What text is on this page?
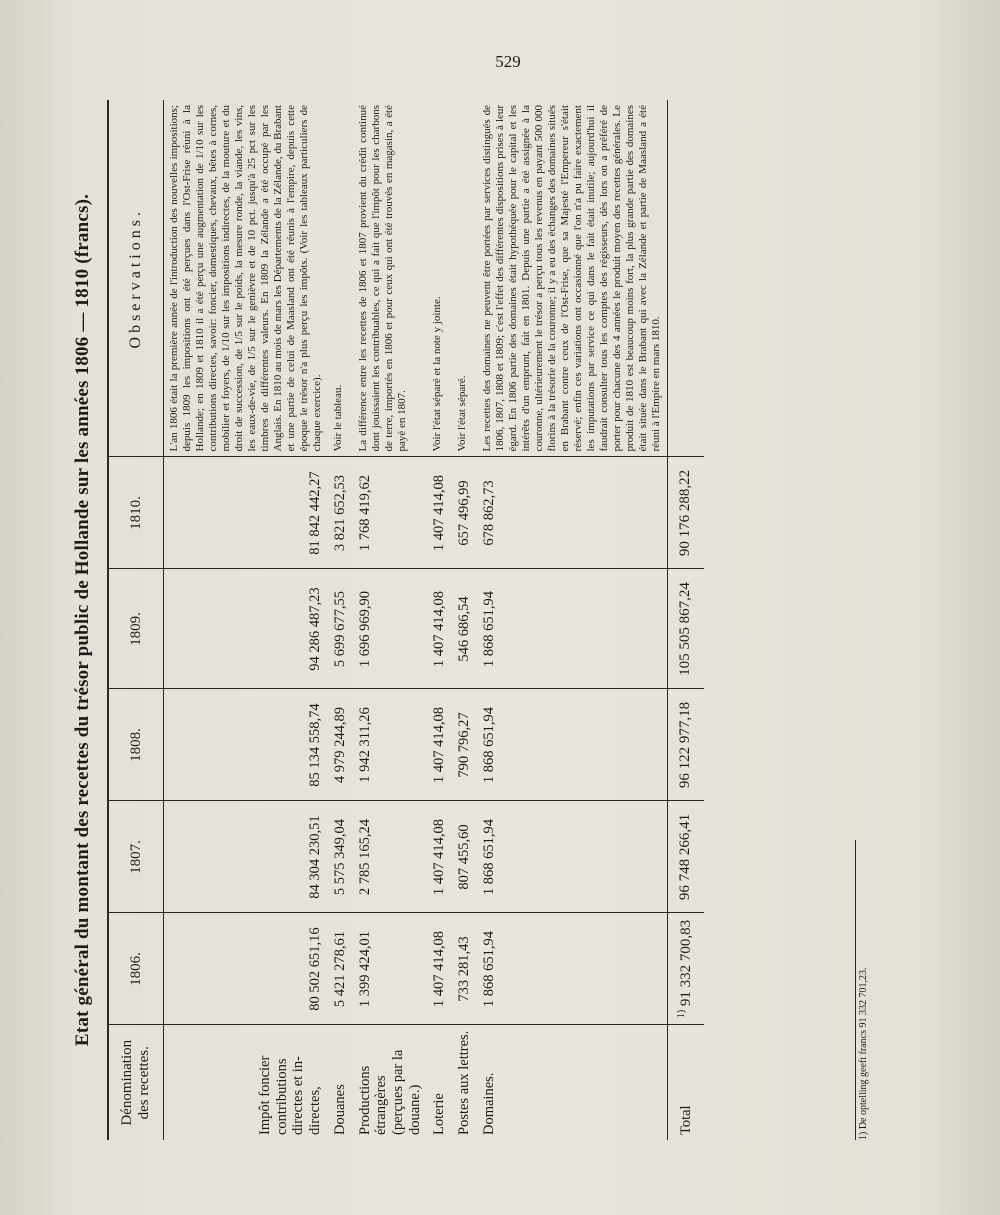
529
Etat général du montant des recettes du trésor public de Hollande sur les années 1806 — 1810 (francs).
Dénomination des recettes.	1806.	1807.	1808.	1809.	1810.	Observations.
Impôt foncier contributions directes et in-directes,	80 502 651,16	84 304 230,51	85 134 558,74	94 286 487,23	81 842 442,27	L'an 1806 était la première année de l'introduction des nouvelles impositions; depuis 1809 les impositions ont été perçues dans l'Ost-Frise réuni à la Hollande; en 1809 et 1810 il a été perçu une augmentation de 1/10 sur les contributions directes, savoir: foncier, domestiques, chevaux, bêtes à cornes, mobilier et foyers, de 1/10 sur les impositions indirectes, de la mouture et du droit de succession, de 1/5 sur le poids, la mesure ronde, la viande, les vins, les eaux-de-vie, de 1/5 sur le genièvre et de 10 pct. jusqu'à 25 pct sur les timbres de différentes valeurs. En 1809 la Zélande a été occupé par les Anglais. En 1810 au mois de mars les Départements de la Zélande, du Brabant et une partie de celui de Maasland ont été réunis à l'empire, depuis cette époque le trésor n'a plus perçu les impôts. (Voir les tableaux particuliers de chaque exercice).
Douanes	5 421 278,61	5 575 349,04	4 979 244,89	5 699 677,55	3 821 652,53	Voir le tableau.
Productions étrangères (perçues par la douane.)	1 399 424,01	2 785 165,24	1 942 311,26	1 696 969,90	1 768 419,62	La différence entre les recettes de 1806 et 1807 provient du crédit continué dont jouissaient les contribuables, ce qui a fait que l'impôt pour les charbons de terre, importés en 1806 et pour ceux qui ont été trouvés en magasin, a été payé en 1807.
Loterie	1 407 414,08	1 407 414,08	1 407 414,08	1 407 414,08	1 407 414,08	Voir l'état séparé et la note y jointe.
Postes aux lettres.	733 281,43	807 455,60	790 796,27	546 686,54	657 496,99	Voir l'état séparé.
Domaines.	1 868 651,94	1 868 651,94	1 868 651,94	1 868 651,94	678 862,73	Les recettes des domaines ne peuvent être portées par services distingués de 1806, 1807, 1808 et 1809; c'est l'effet des différentes dispositions prises à leur égard. En 1806 partie des domaines était hypothéquée pour le capital et les intérêts d'un emprunt, fait en 1801. Depuis une partie a été assignée à la couronne, ultérieurement le trésor a perçu tous les revenus en payant 500 000 florins à la trésorie de la couronne; il y a eu des échanges des domaines situés en Brabant contre ceux de l'Ost-Frise, que sa Majesté l'Empereur s'était réservé; enfin ces variations ont occasionné que l'on n'a pu faire exactement les imputations par service ce qui dans le fait était inutile; aujourd'hui il faudrait consulter tous les comptes des régisseurs, dès lors on a préféré de porter pour chacune des 4 années le produit moyen des recettes générales. Le produit de 1810 est beaucoup moins fort, la plus grande partie des domaines était située dans le Brabant qui avec la Zélande et partie de Maasland a été réuni à l'Empire en mars 1810.
Total	$^{1)}$ 91 332 700,83	96 748 266,41	96 122 977,18	105 505 867,24	90 176 288,22	
1) De optelling geeft francs 91 332 701,23.
